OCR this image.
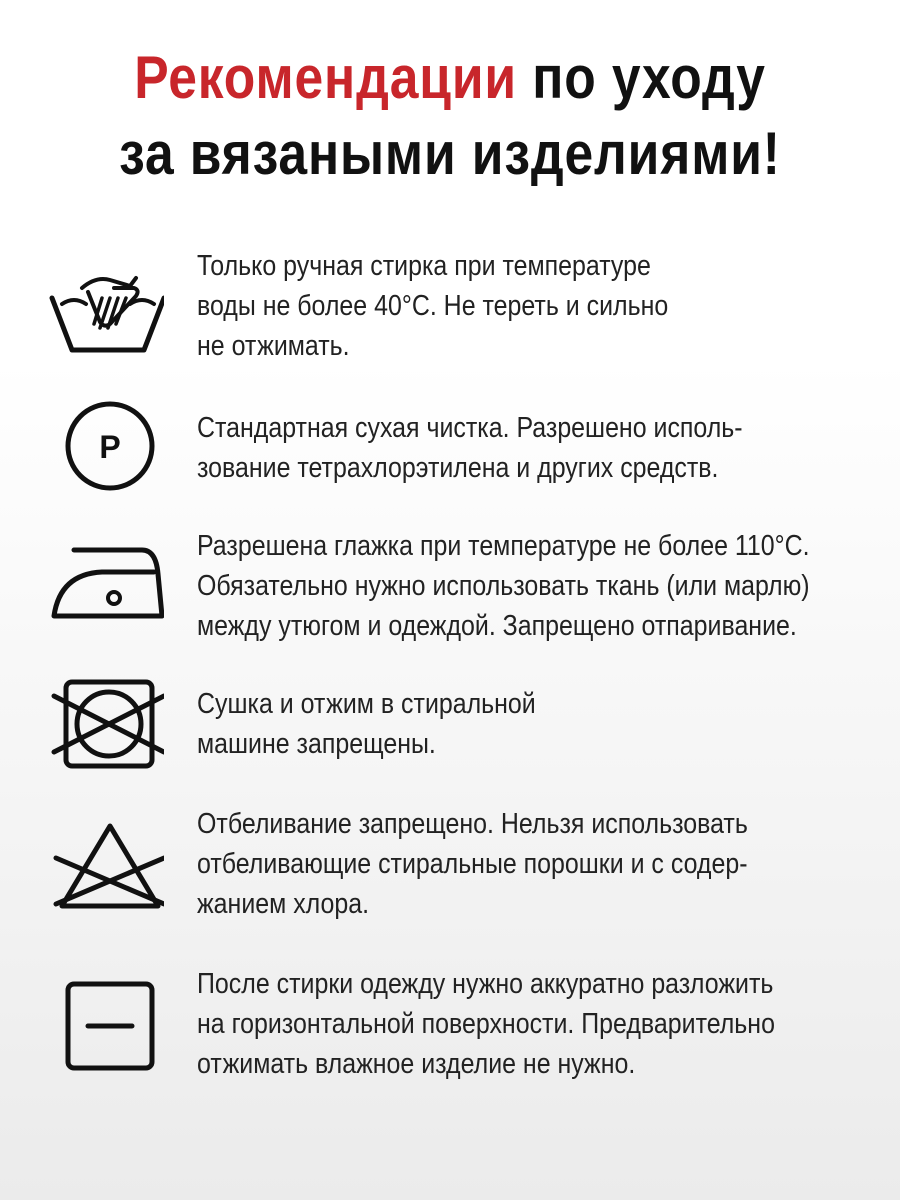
Рекомендации по уходу
за вязаными изделиями!
Только ручная стирка при температуре
воды не более 40°С. Не тереть и сильно
не отжимать.
P
Стандартная сухая чистка. Разрешено исполь-
зование тетрахлорэтилена и других средств.
Разрешена глажка при температуре не более 110°С.
Обязательно нужно использовать ткань (или марлю)
между утюгом и одеждой. Запрещено отпаривание.
Сушка и отжим в стиральной
машине запрещены.
Отбеливание запрещено. Нельзя использовать
отбеливающие стиральные порошки и с содер-
жанием хлора.
После стирки одежду нужно аккуратно разложить
на горизонтальной поверхности. Предварительно
отжимать влажное изделие не нужно.
